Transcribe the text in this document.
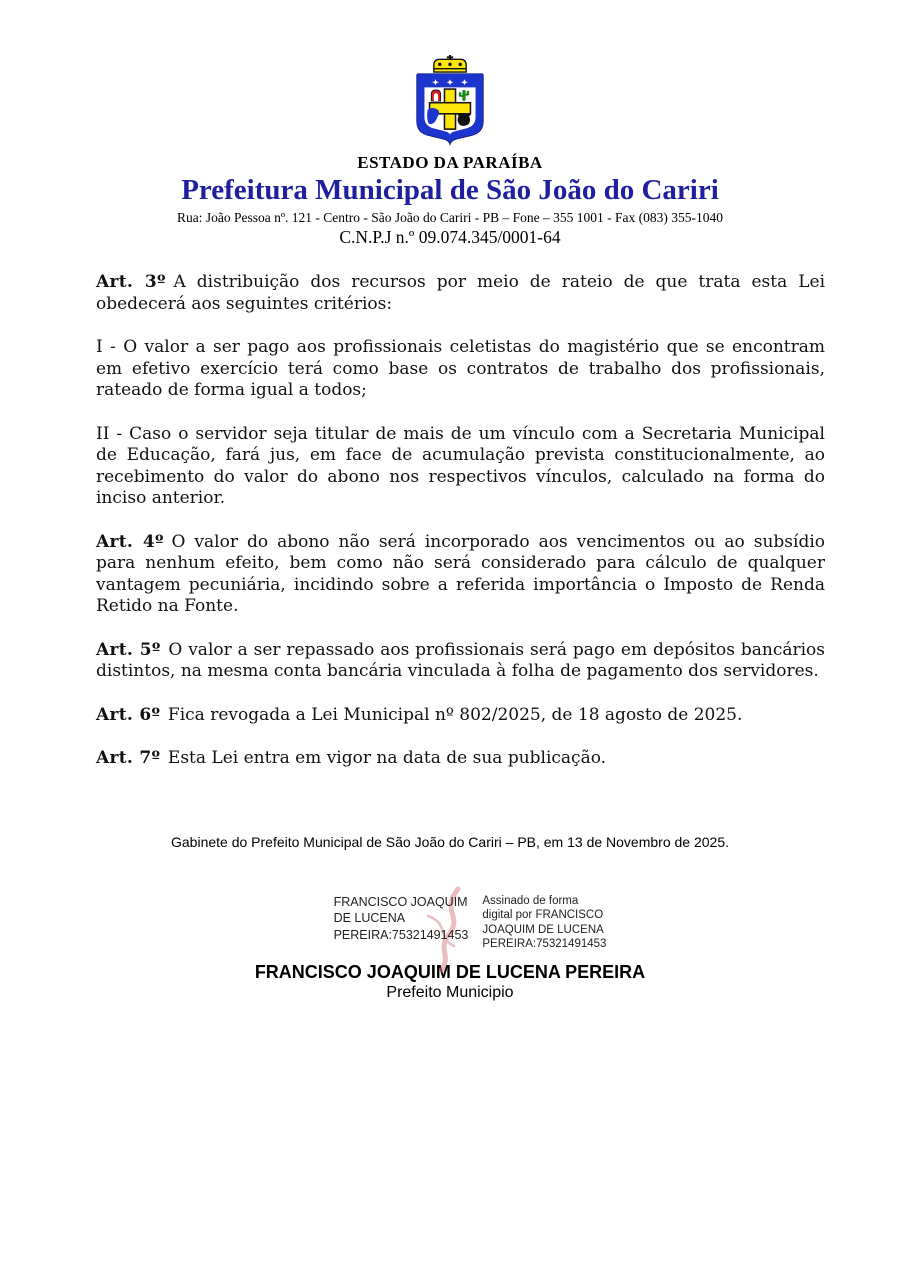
ESTADO DA PARAÍBA
Prefeitura Municipal de São João do Cariri
Rua: João Pessoa nº. 121 - Centro - São João do Cariri - PB – Fone – 355 1001 - Fax (083) 355-1040
C.N.P.J n.º 09.074.345/0001-64

Art. 3º A distribuição dos recursos por meio de rateio de que trata esta Lei obedecerá aos seguintes critérios:

I - O valor a ser pago aos profissionais celetistas do magistério que se encontram em efetivo exercício terá como base os contratos de trabalho dos profissionais, rateado de forma igual a todos;

II - Caso o servidor seja titular de mais de um vínculo com a Secretaria Municipal de Educação, fará jus, em face de acumulação prevista constitucionalmente, ao recebimento do valor do abono nos respectivos vínculos, calculado na forma do inciso anterior.

Art. 4º O valor do abono não será incorporado aos vencimentos ou ao subsídio para nenhum efeito, bem como não será considerado para cálculo de qualquer vantagem pecuniária, incidindo sobre a referida importância o Imposto de Renda Retido na Fonte.

Art. 5º O valor a ser repassado aos profissionais será pago em depósitos bancários distintos, na mesma conta bancária vinculada à folha de pagamento dos servidores.

Art. 6º Fica revogada a Lei Municipal nº 802/2025, de 18 agosto de 2025.

Art. 7º Esta Lei entra em vigor na data de sua publicação.

Gabinete do Prefeito Municipal de São João do Cariri – PB, em 13 de Novembro de 2025.
FRANCISCO JOAQUIM
DE LUCENA
PEREIRA:75321491453
Assinado de forma
digital por FRANCISCO
JOAQUIM DE LUCENA
PEREIRA:75321491453
FRANCISCO JOAQUIM DE LUCENA PEREIRA
Prefeito Municipio
